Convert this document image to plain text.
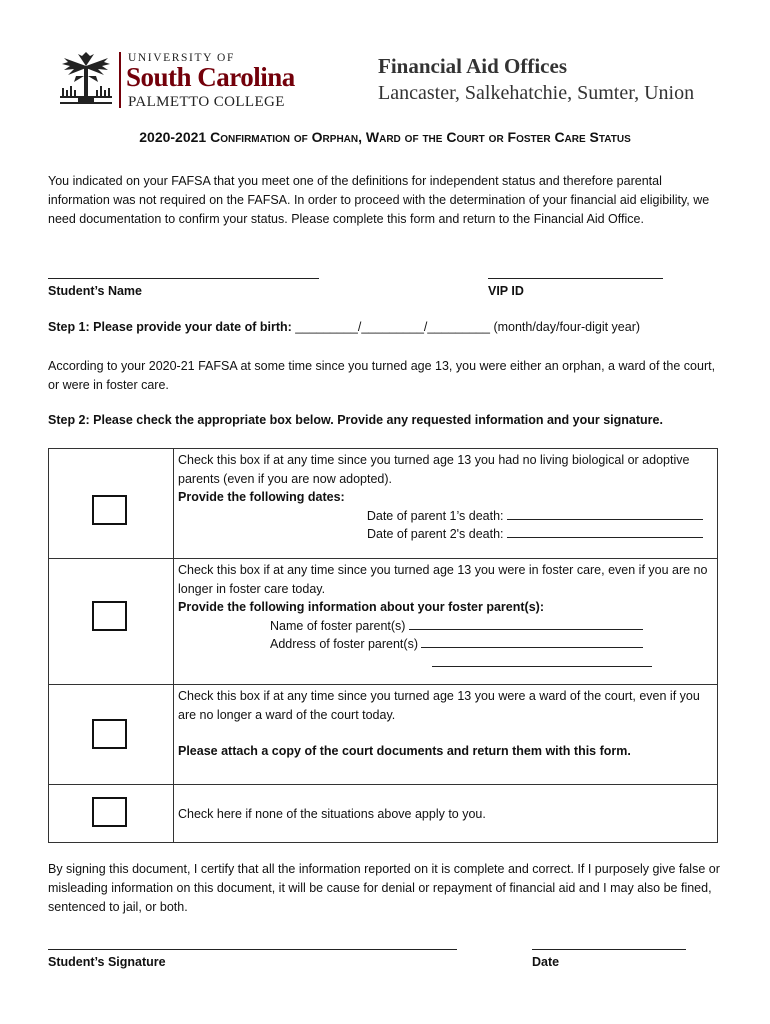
UNIVERSITY OF
South Carolina
PALMETTO COLLEGE
Financial Aid Offices
Lancaster, Salkehatchie, Sumter, Union
2020-2021 Confirmation of Orphan, Ward of the Court or Foster Care Status
You indicated on your FAFSA that you meet one of the definitions for independent status and therefore parental information was not required on the FAFSA. In order to proceed with the determination of your financial aid eligibility, we need documentation to confirm your status. Please complete this form and return to the Financial Aid Office.
Student’s Name	VIP ID
Step 1: Please provide your date of birth: _________/_________/_________ (month/day/four-digit year)
According to your 2020-21 FAFSA at some time since you turned age 13, you were either an orphan, a ward of the court, or were in foster care.
Step 2: Please check the appropriate box below. Provide any requested information and your signature.

	Check this box if at any time since you turned age 13 you had no living biological or adoptive parents (even if you are now adopted).
Provide the following dates:
Date of parent 1’s death:
Date of parent 2's death:

	Check this box if at any time since you turned age 13 you were in foster care, even if you are no longer in foster care today.
Provide the following information about your foster parent(s):
Name of foster parent(s)
Address of foster parent(s)

	Check this box if at any time since you turned age 13 you were a ward of the court, even if you are no longer a ward of the court today.
Please attach a copy of the court documents and return them with this form.

	Check here if none of the situations above apply to you.
By signing this document, I certify that all the information reported on it is complete and correct. If I purposely give false or misleading information on this document, it will be cause for denial or repayment of financial aid and I may also be fined, sentenced to jail, or both.
Student’s Signature	Date
